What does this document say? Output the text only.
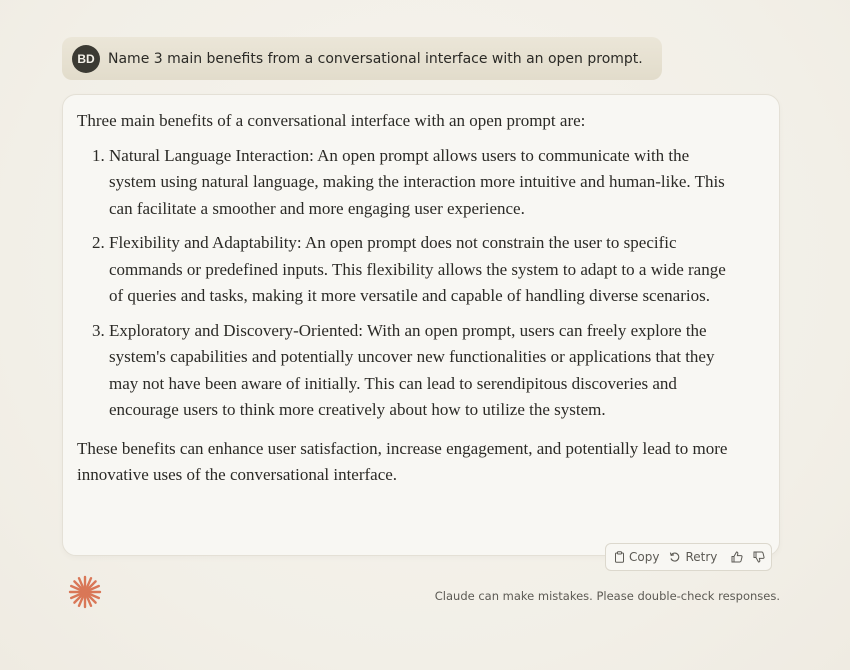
BD Name 3 main benefits from a conversational interface with an open prompt.

Three main benefits of a conversational interface with an open prompt are:

1. Natural Language Interaction: An open prompt allows users to communicate with the system using natural language, making the interaction more intuitive and human-like. This can facilitate a smoother and more engaging user experience.
2. Flexibility and Adaptability: An open prompt does not constrain the user to specific commands or predefined inputs. This flexibility allows the system to adapt to a wide range of queries and tasks, making it more versatile and capable of handling diverse scenarios.
3. Exploratory and Discovery-Oriented: With an open prompt, users can freely explore the system's capabilities and potentially uncover new functionalities or applications that they may not have been aware of initially. This can lead to serendipitous discoveries and encourage users to think more creatively about how to utilize the system.

These benefits can enhance user satisfaction, increase engagement, and potentially lead to more innovative uses of the conversational interface.

Copy Retry
Claude can make mistakes. Please double-check responses.
